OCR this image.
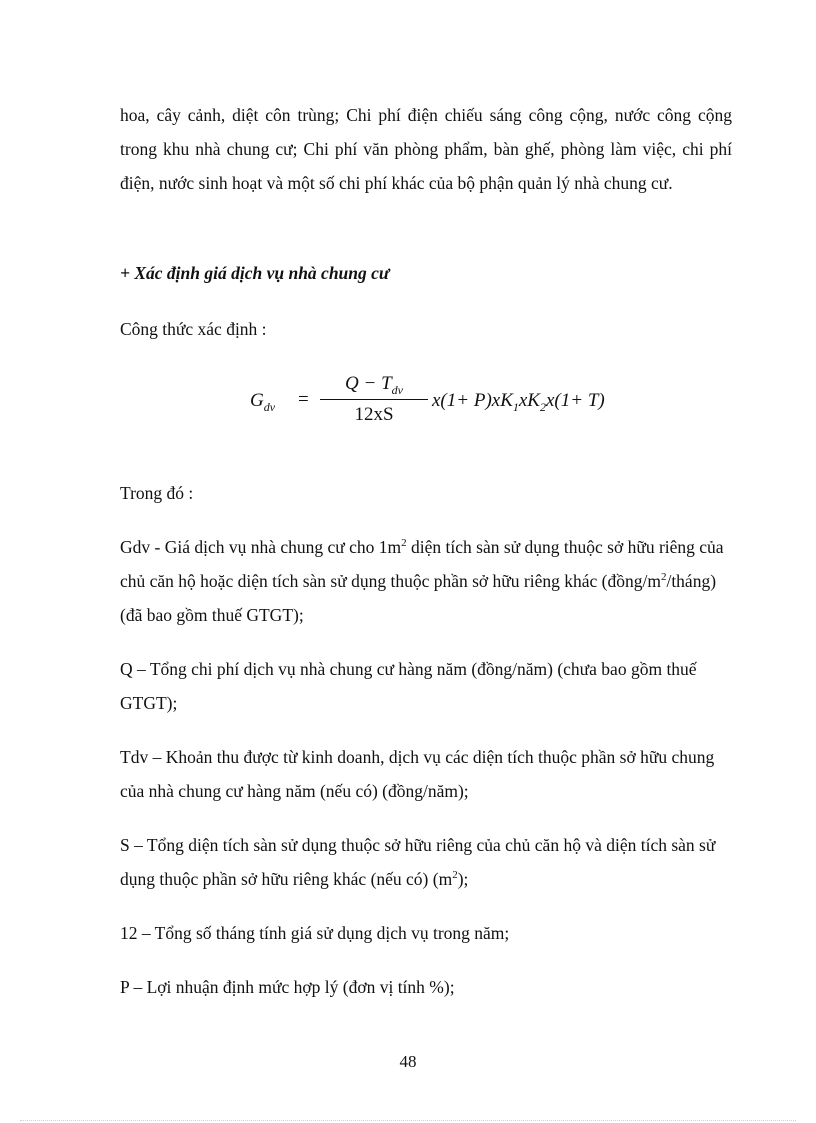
hoa, cây cảnh, diệt côn trùng; Chi phí điện chiếu sáng công cộng, nước công cộng trong khu nhà chung cư; Chi phí văn phòng phẩm, bàn ghế, phòng làm việc, chi phí điện, nước sinh hoạt và một số chi phí khác của bộ phận quản lý nhà chung cư.

+ Xác định giá dịch vụ nhà chung cư

Công thức xác định :

$G_{dv}$ =
$Q - T_{dv}$
12xS
$x(1+ P)xK_1xK_2x(1+ T)$

Trong đó :

Gdv - Giá dịch vụ nhà chung cư cho $1m^2$ diện tích sàn sử dụng thuộc sở hữu riêng của chủ căn hộ hoặc diện tích sàn sử dụng thuộc phần sở hữu riêng khác $(đồng/m^2/tháng)$ (đã bao gồm thuế GTGT);

Q – Tổng chi phí dịch vụ nhà chung cư hàng năm (đồng/năm) (chưa bao gồm thuế GTGT);

Tdv – Khoản thu được từ kinh doanh, dịch vụ các diện tích thuộc phần sở hữu chung của nhà chung cư hàng năm (nếu có) (đồng/năm);

S – Tổng diện tích sàn sử dụng thuộc sở hữu riêng của chủ căn hộ và diện tích sàn sử dụng thuộc phần sở hữu riêng khác (nếu có) $(m^2)$;

12 – Tổng số tháng tính giá sử dụng dịch vụ trong năm;

P – Lợi nhuận định mức hợp lý (đơn vị tính %);

48
